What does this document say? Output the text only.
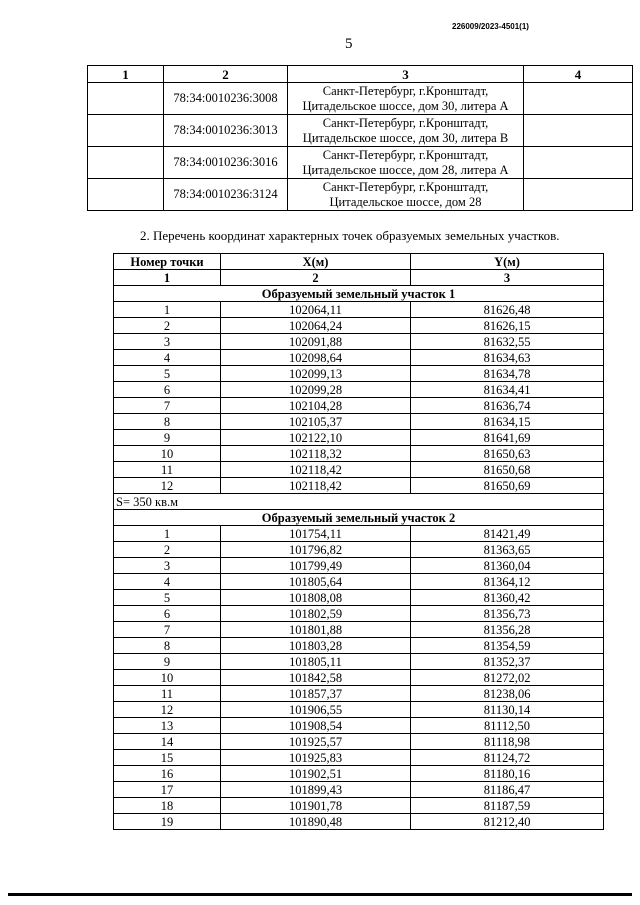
226009/2023-4501(1)
5
1	2	3	4
	78:34:0010236:3008	Санкт-Петербург, г.Кронштадт,
Цитадельское шоссе, дом 30, литера А	

	78:34:0010236:3013	Санкт-Петербург, г.Кронштадт,
Цитадельское шоссе, дом 30, литера В	

	78:34:0010236:3016	Санкт-Петербург, г.Кронштадт,
Цитадельское шоссе, дом 28, литера А	

	78:34:0010236:3124	Санкт-Петербург, г.Кронштадт,
Цитадельское шоссе, дом 28	

2. Перечень координат характерных точек образуемых земельных участков.
Номер точки	Х(м)	Y(м)
1	2	3
Образуемый земельный участок 1		
1	102064,11	81626,48
2	102064,24	81626,15
3	102091,88	81632,55
4	102098,64	81634,63
5	102099,13	81634,78
6	102099,28	81634,41
7	102104,28	81636,74
8	102105,37	81634,15
9	102122,10	81641,69
10	102118,32	81650,63
11	102118,42	81650,68
12	102118,42	81650,69
S= 350 кв.м		
Образуемый земельный участок 2		
1	101754,11	81421,49
2	101796,82	81363,65
3	101799,49	81360,04
4	101805,64	81364,12
5	101808,08	81360,42
6	101802,59	81356,73
7	101801,88	81356,28
8	101803,28	81354,59
9	101805,11	81352,37
10	101842,58	81272,02
11	101857,37	81238,06
12	101906,55	81130,14
13	101908,54	81112,50
14	101925,57	81118,98
15	101925,83	81124,72
16	101902,51	81180,16
17	101899,43	81186,47
18	101901,78	81187,59
19	101890,48	81212,40
